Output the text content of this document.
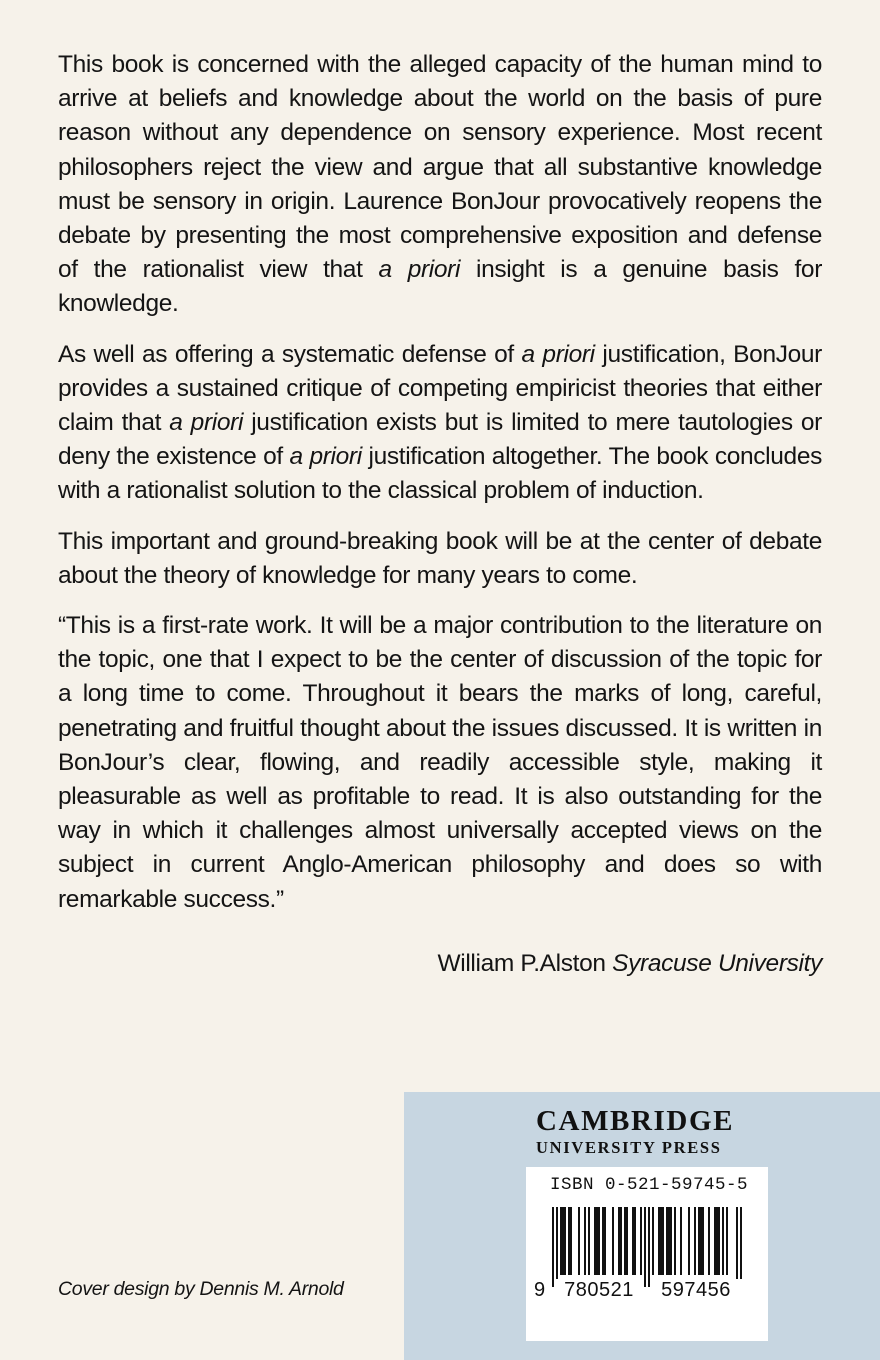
This book is concerned with the alleged capacity of the human mind to arrive at beliefs and knowledge about the world on the basis of pure reason without any dependence on sensory experience. Most recent philosophers reject the view and argue that all substantive knowledge must be sensory in origin. Laurence BonJour provocatively reopens the debate by presenting the most comprehensive exposition and defense of the rationalist view that a priori insight is a genuine basis for knowledge.

As well as offering a systematic defense of a priori justification, BonJour provides a sustained critique of competing empiricist theories that either claim that a priori justification exists but is limited to mere tautologies or deny the existence of a priori justification altogether. The book concludes with a rationalist solution to the classical problem of induction.

This important and ground-breaking book will be at the center of debate about the theory of knowledge for many years to come.

“This is a first-rate work. It will be a major contribution to the literature on the topic, one that I expect to be the center of discussion of the topic for a long time to come. Throughout it bears the marks of long, careful, penetrating and fruitful thought about the issues discussed. It is written in BonJour’s clear, flowing, and readily accessible style, making it pleasurable as well as profitable to read. It is also outstanding for the way in which it challenges almost universally accepted views on the subject in current Anglo-American philosophy and does so with remarkable success.”

William P.Alston Syracuse University
Cover design by Dennis M. Arnold
CAMBRIDGE
UNIVERSITY PRESS
ISBN 0-521-59745-5
9 780521	597456
